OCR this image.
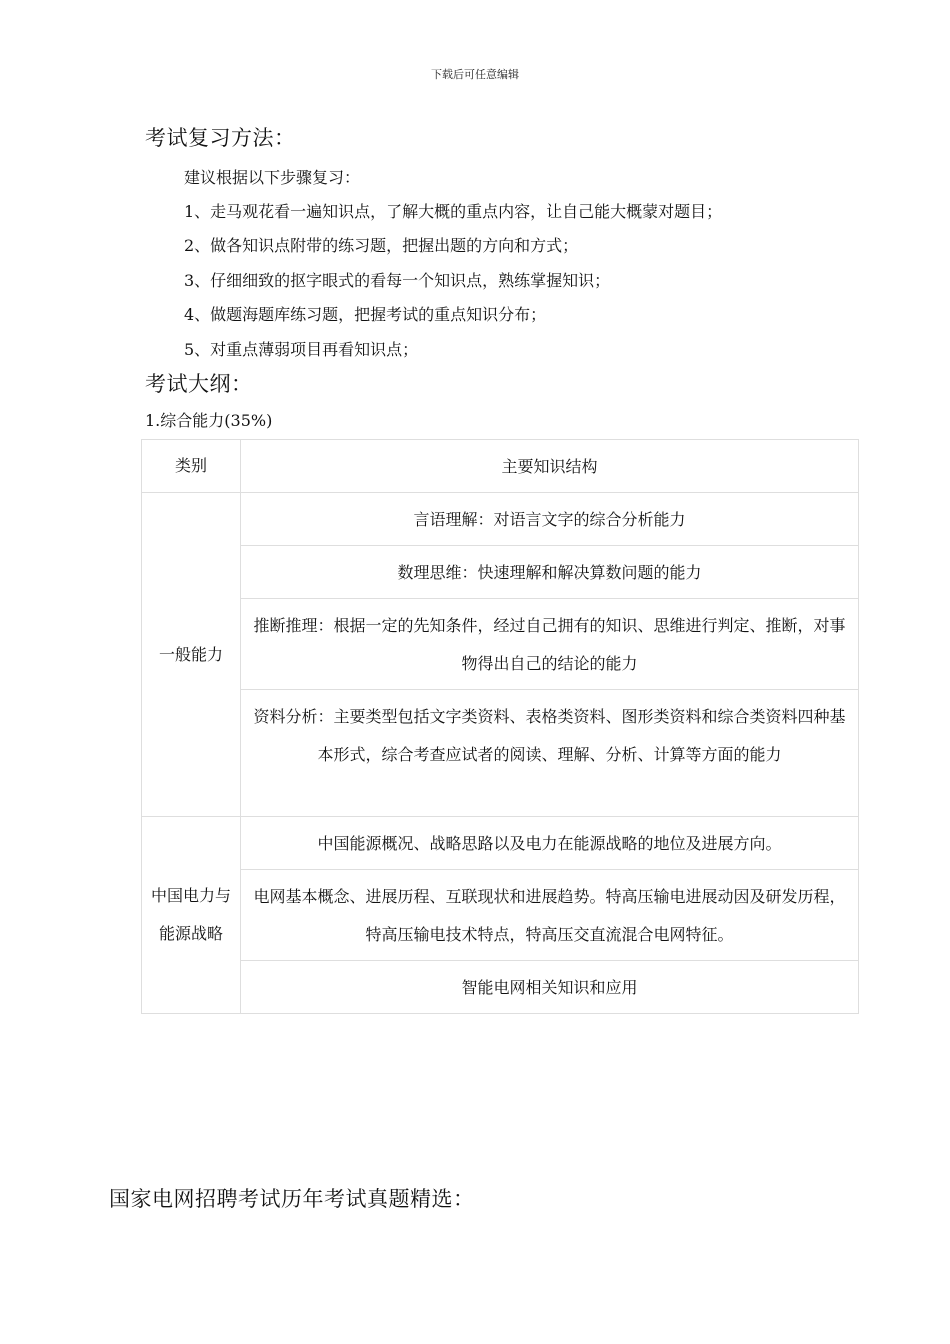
下载后可任意编辑
考试复习方法：
建议根据以下步骤复习：
1、走马观花看一遍知识点，了解大概的重点内容，让自己能大概蒙对题目；
2、做各知识点附带的练习题，把握出题的方向和方式；
3、仔细细致的抠字眼式的看每一个知识点，熟练掌握知识；
4、做题海题库练习题，把握考试的重点知识分布；
5、对重点薄弱项目再看知识点；
考试大纲：
1.综合能力(35%)
类别	主要知识结构
一般能力	言语理解：对语言文字的综合分析能力
	数理思维：快速理解和解决算数问题的能力
	推断推理：根据一定的先知条件，经过自己拥有的知识、思维进行判定、推断，对事物得出自己的结论的能力
	资料分析：主要类型包括文字类资料、表格类资料、图形类资料和综合类资料四种基本形式，综合考查应试者的阅读、理解、分析、计算等方面的能力
中国电力与能源战略	中国能源概况、战略思路以及电力在能源战略的地位及进展方向。
	电网基本概念、进展历程、互联现状和进展趋势。特高压输电进展动因及研发历程，特高压输电技术特点，特高压交直流混合电网特征。
	智能电网相关知识和应用
国家电网招聘考试历年考试真题精选：
